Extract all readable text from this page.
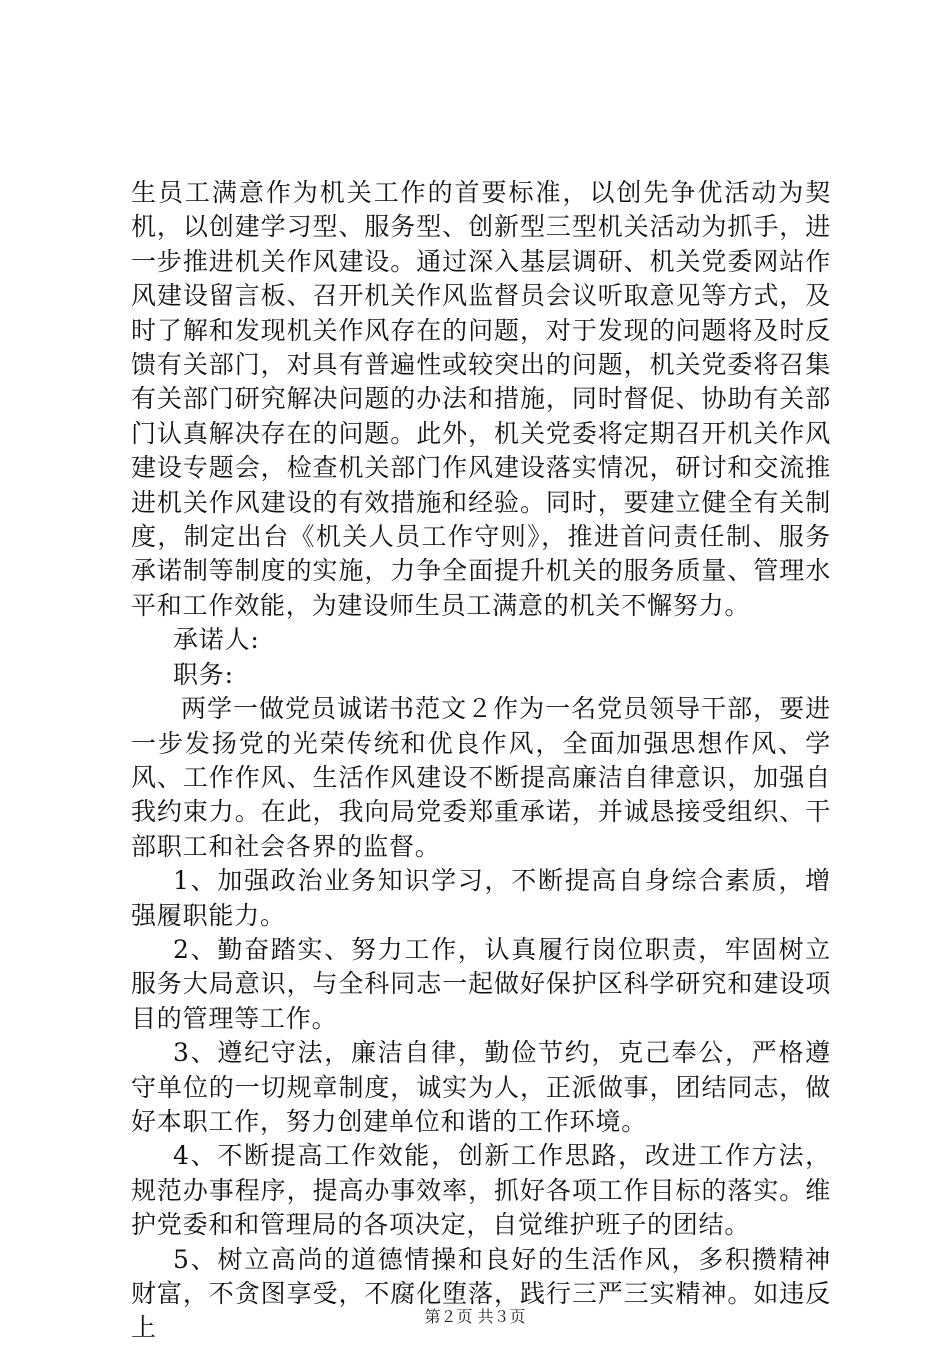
生员工满意作为机关工作的首要标准，以创先争优活动为契机，以创建学习型、服务型、创新型三型机关活动为抓手，进一步推进机关作风建设。通过深入基层调研、机关党委网站作风建设留言板、召开机关作风监督员会议听取意见等方式，及时了解和发现机关作风存在的问题，对于发现的问题将及时反馈有关部门，对具有普遍性或较突出的问题，机关党委将召集有关部门研究解决问题的办法和措施，同时督促、协助有关部门认真解决存在的问题。此外，机关党委将定期召开机关作风建设专题会，检查机关部门作风建设落实情况，研讨和交流推进机关作风建设的有效措施和经验。同时，要建立健全有关制度，制定出台《机关人员工作守则》，推进首问责任制、服务承诺制等制度的实施，力争全面提升机关的服务质量、管理水平和工作效能，为建设师生员工满意的机关不懈努力。

承诺人:

职务:

两学一做党员诚诺书范文２作为一名党员领导干部，要进一步发扬党的光荣传统和优良作风，全面加强思想作风、学风、工作作风、生活作风建设不断提高廉洁自律意识，加强自我约束力。在此，我向局党委郑重承诺，并诚恳接受组织、干部职工和社会各界的监督。

1、加强政治业务知识学习，不断提高自身综合素质，增强履职能力。

2、勤奋踏实、努力工作，认真履行岗位职责，牢固树立服务大局意识，与全科同志一起做好保护区科学研究和建设项目的管理等工作。

3、遵纪守法，廉洁自律，勤俭节约，克己奉公，严格遵守单位的一切规章制度，诚实为人，正派做事，团结同志，做好本职工作，努力创建单位和谐的工作环境。

4、不断提高工作效能，创新工作思路，改进工作方法，规范办事程序，提高办事效率，抓好各项工作目标的落实。维护党委和和管理局的各项决定，自觉维护班子的团结。

5、树立高尚的道德情操和良好的生活作风，多积攒精神财富，不贪图享受，不腐化堕落，践行三严三实精神。如违反上	第２页 共３页
